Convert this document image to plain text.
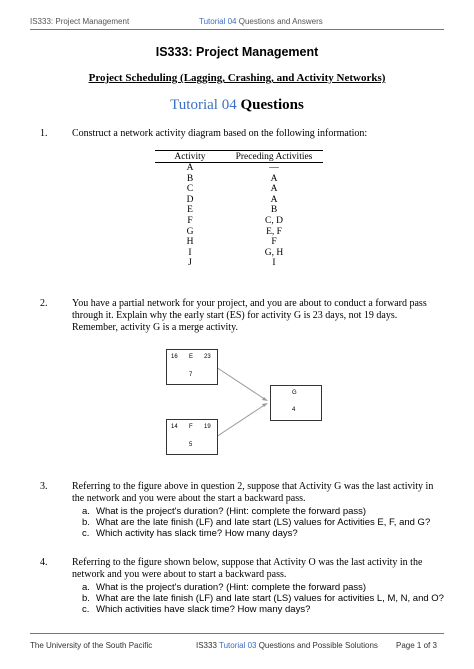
IS333: Project Management	Tutorial 04 Questions and Answers
IS333: Project Management
Project Scheduling (Lagging, Crashing, and Activity Networks)
Tutorial 04 Questions
1. Construct a network activity diagram based on the following information:
Activity	Preceding Activities
A	—
B	A
C	A
D	A
E	B
F	C, D
G	E, F
H	F
I	G, H
J	I
2. You have a partial network for your project, and you are about to conduct a forward pass through it. Explain why the early start (ES) for activity G is 23 days, not 19 days. Remember, activity G is a merge activity.
16 E 23
7
G
4
14 F 19
5
3. Referring to the figure above in question 2, suppose that Activity G was the last activity in the network and you were about the start a backward pass.
a. What is the project's duration? (Hint: complete the forward pass)
b. What are the late finish (LF) and late start (LS) values for Activities E, F, and G?
c. Which activity has slack time? How many days?
4. Referring to the figure shown below, suppose that Activity O was the last activity in the network and you were about to start a backward pass.
a. What is the project's duration? (Hint: complete the forward pass)
b. What are the late finish (LF) and late start (LS) values for activities L, M, N, and O?
c. Which activities have slack time? How many days?
The University of the South Pacific	IS333 Tutorial 03 Questions and Possible Solutions Page 1 of 3
